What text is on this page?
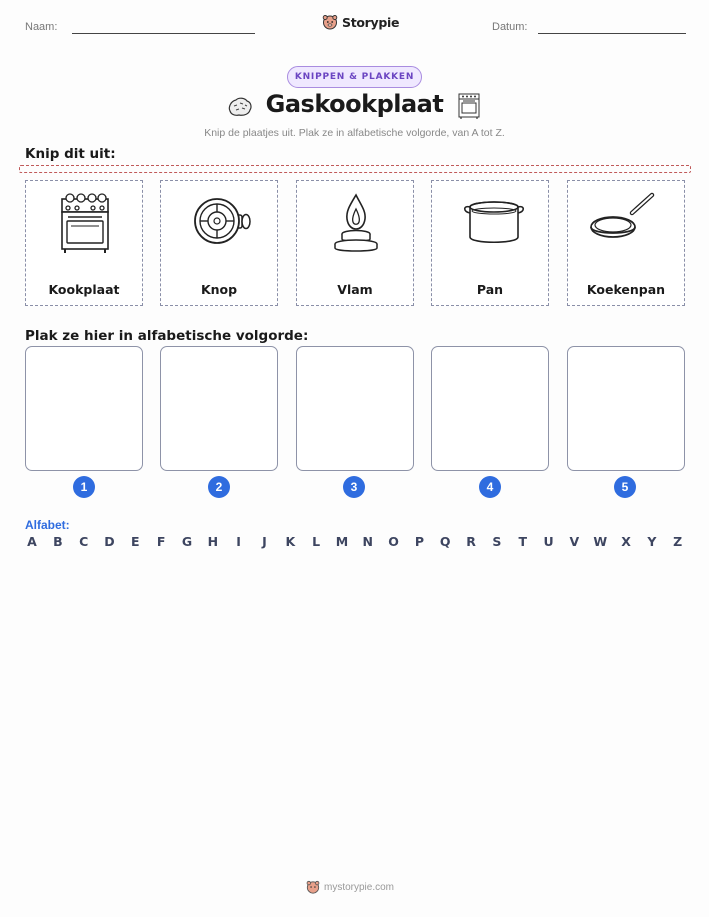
Naam:	Storypie	Datum:
KNIPPEN & PLAKKEN
Gaskookplaat
Knip de plaatjes uit. Plak ze in alfabetische volgorde, van A tot Z.
Knip dit uit:
Kookplaat	Knop	Vlam	Pan	Koekenpan
Plak ze hier in alfabetische volgorde:
1	2	3	4	5
Alfabet:
A B C D E F G H	I	J	K L M N O P Q R S T U V W X Y Z
mystorypie.com
